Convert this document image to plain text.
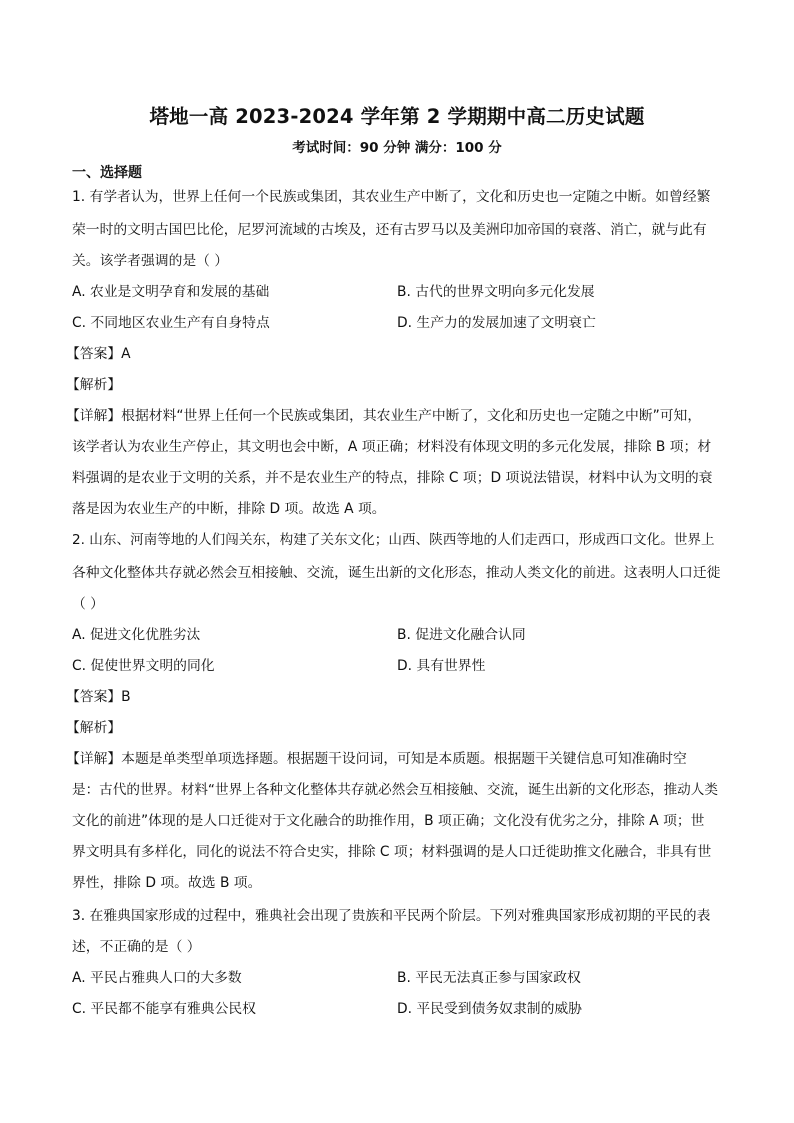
塔地一高 2023-2024 学年第 2 学期期中高二历史试题
考试时间：90 分钟 满分：100 分
一、选择题
1. 有学者认为，世界上任何一个民族或集团，其农业生产中断了，文化和历史也一定随之中断。如曾经繁
荣一时的文明古国巴比伦，尼罗河流域的古埃及，还有古罗马以及美洲印加帝国的衰落、消亡，就与此有
关。该学者强调的是（ ）
A. 农业是文明孕育和发展的基础	B. 古代的世界文明向多元化发展
C. 不同地区农业生产有自身特点	D. 生产力的发展加速了文明衰亡
【答案】A
【解析】
【详解】根据材料“世界上任何一个民族或集团，其农业生产中断了，文化和历史也一定随之中断”可知，
该学者认为农业生产停止，其文明也会中断，A 项正确；材料没有体现文明的多元化发展，排除 B 项；材
料强调的是农业于文明的关系，并不是农业生产的特点，排除 C 项；D 项说法错误，材料中认为文明的衰
落是因为农业生产的中断，排除 D 项。故选 A 项。
2. 山东、河南等地的人们闯关东，构建了关东文化；山西、陕西等地的人们走西口，形成西口文化。世界上
各种文化整体共存就必然会互相接触、交流，诞生出新的文化形态，推动人类文化的前进。这表明人口迁徙
（ ）
A. 促进文化优胜劣汰	B. 促进文化融合认同
C. 促使世界文明的同化	D. 具有世界性
【答案】B
【解析】
【详解】本题是单类型单项选择题。根据题干设问词，可知是本质题。根据题干关键信息可知准确时空
是：古代的世界。材料“世界上各种文化整体共存就必然会互相接触、交流，诞生出新的文化形态，推动人类
文化的前进”体现的是人口迁徙对于文化融合的助推作用，B 项正确；文化没有优劣之分，排除 A 项；世
界文明具有多样化，同化的说法不符合史实，排除 C 项；材料强调的是人口迁徙助推文化融合，非具有世
界性，排除 D 项。故选 B 项。
3. 在雅典国家形成的过程中，雅典社会出现了贵族和平民两个阶层。下列对雅典国家形成初期的平民的表
述，不正确的是（ ）
A. 平民占雅典人口的大多数	B. 平民无法真正参与国家政权
C. 平民都不能享有雅典公民权	D. 平民受到债务奴隶制的威胁
